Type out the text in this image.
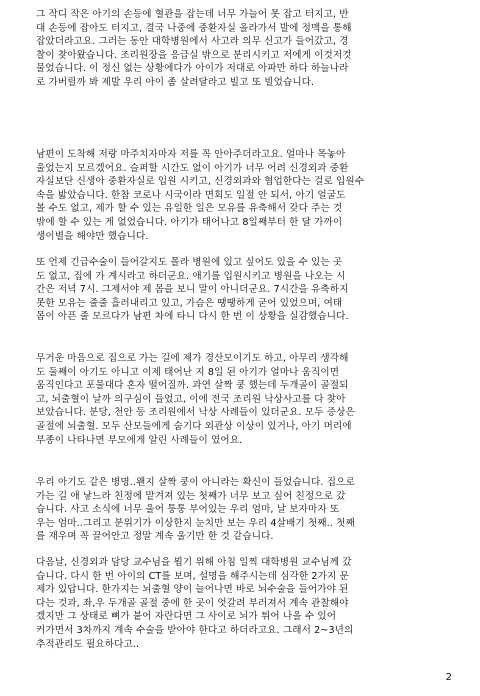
그 작디 작은 아기의 손등에 혈관을 잡는데 너무 가늘어 못 잡고 터지고, 반
대 손등에 잡아도 터지고, 결국 나중에 중환자실 올라가서 발에 정맥을 통해
잡았더라고요. 그러는 동안 대학병원에서 사고라 의무 신고가 들어갔고, 경
찰이 찾아왔습니다. 조리원장을 응급실 밖으로 분리시키고 저에게 이것저것
물었습니다. 이 정신 없는 상황에다가 아이가 저대로 아파만 하다 하늘나라
로 가버릴까 봐 제발 우리 아이 좀 살려달라고 빌고 또 빌었습니다.

남편이 도착해 저랑 마주치자마자 저를 꼭 안아주더라고요. 얼마나 목놓아
울었는지 모르겠어요. 슬퍼할 시간도 없이 아기가 너무 어려 신경외과 중환
자실보단 신생아 중환자실로 입원 시키고, 신경외과와 협업한다는 걸로 입원수
속을 밟았습니다. 한참 코로나 시국이라 면회도 일절 안 되서, 아기 얼굴도
볼 수도 없고, 제가 할 수 있는 유일한 일은 모유를 유축해서 갖다 주는 것
밖에 할 수 있는 게 없었습니다. 아기가 태어나고 8일째부터 한 달 가까이
생이별을 해야만 했습니다.

또 언제 긴급수술이 들어갈지도 몰라 병원에 있고 싶어도 있을 수 있는 곳
도 없고, 집에 가 계시라고 하더군요. 애기를 입원시키고 병원을 나오는 시
간은 저녁 7시. 그제서야 제 몸을 보니 말이 아니더군요. 7시간을 유축하지
못한 모유는 줄줄 흘러내리고 있고, 가슴은 땡땡하게 굳어 있었으며, 여태
몸이 아픈 줄 모르다가 남편 차에 타니 다시 한 번 이 상황을 실감했습니다.

무거운 마음으로 집으로 가는 길에 제가 경산모이기도 하고, 아무리 생각해
도 둘째이 아기도 아니고 이제 태어난 지 8일 된 아기가 얼마나 움직이면
움직인다고 포물대다 혼자 떨어질까. 과연 살짝 쿵 했는데 두개골이 골절되
고, 뇌출혈이 날까 의구심이 들었고, 이에 전국 조리원 낙상사고를 다 찾아
보았습니다. 분당, 천안 등 조리원에서 낙상 사례들이 있더군요. 모두 증상은
골절에 뇌출혈. 모두 산모들에게 숨기다 외관상 이상이 있거나, 아기 머리에
부종이 나타나면 부모에게 알린 사례들이 였어요.

우리 아기도 같은 병명..왠지 살짝 쿵이 아니라는 확신이 들었습니다. 집으로
가는 길 애 낳느라 친정에 맡겨져 있는 첫째가 너무 보고 싶어 친정으로 갔
습니다. 사고 소식에 너무 울어 퉁퉁 부어있는 우리 엄마, 날 보자마자 또
우는 엄마..그리고 분위기가 이상한지 눈치만 보는 우리 4살배기 첫째.. 첫째
를 재우며 꼭 끌어안고 정말 계속 울기만 한 것 같습니다.

다음날, 신경외과 담당 교수님을 뵙기 위해 아침 일찍 대학병원 교수님께 갔
습니다. 다시 한 번 아이의 CT를 보며, 설명을 해주시는데 심각한 2가지 문
제가 있답니다. 한가지는 뇌출혈 양이 늘어나면 바로 뇌수술을 들어가야 된
다는 것과, 좌,우 두개골 골절 중에 한 곳이 엇갈려 부러져서 계속 관찰해야
겠지만 그 상태로 뼈가 붙어 자란다면 그 사이로 뇌가 튀어 나올 수 있어
커가면서 3차까지 계속 수술을 받아야 한다고 하더라고요. 그래서 2~3년의
추적관리도 필요하다고..

2
